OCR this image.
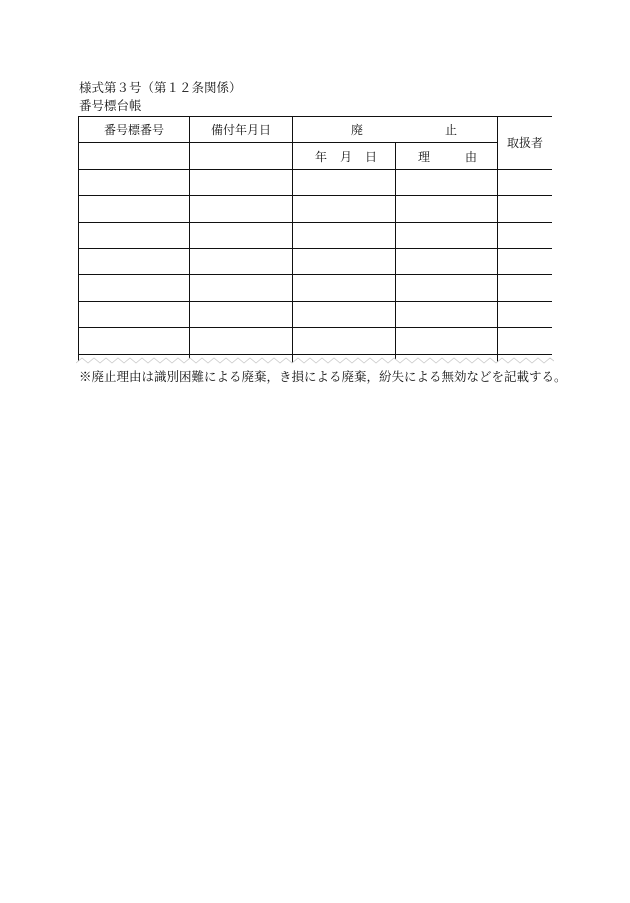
様式第３号（第１２条関係）
番号標台帳
番号標番号	備付年月日	廃 止		取扱者

		年 月 日	理 由	

※廃止理由は識別困難による廃棄，き損による廃棄，紛失による無効などを記載する。
